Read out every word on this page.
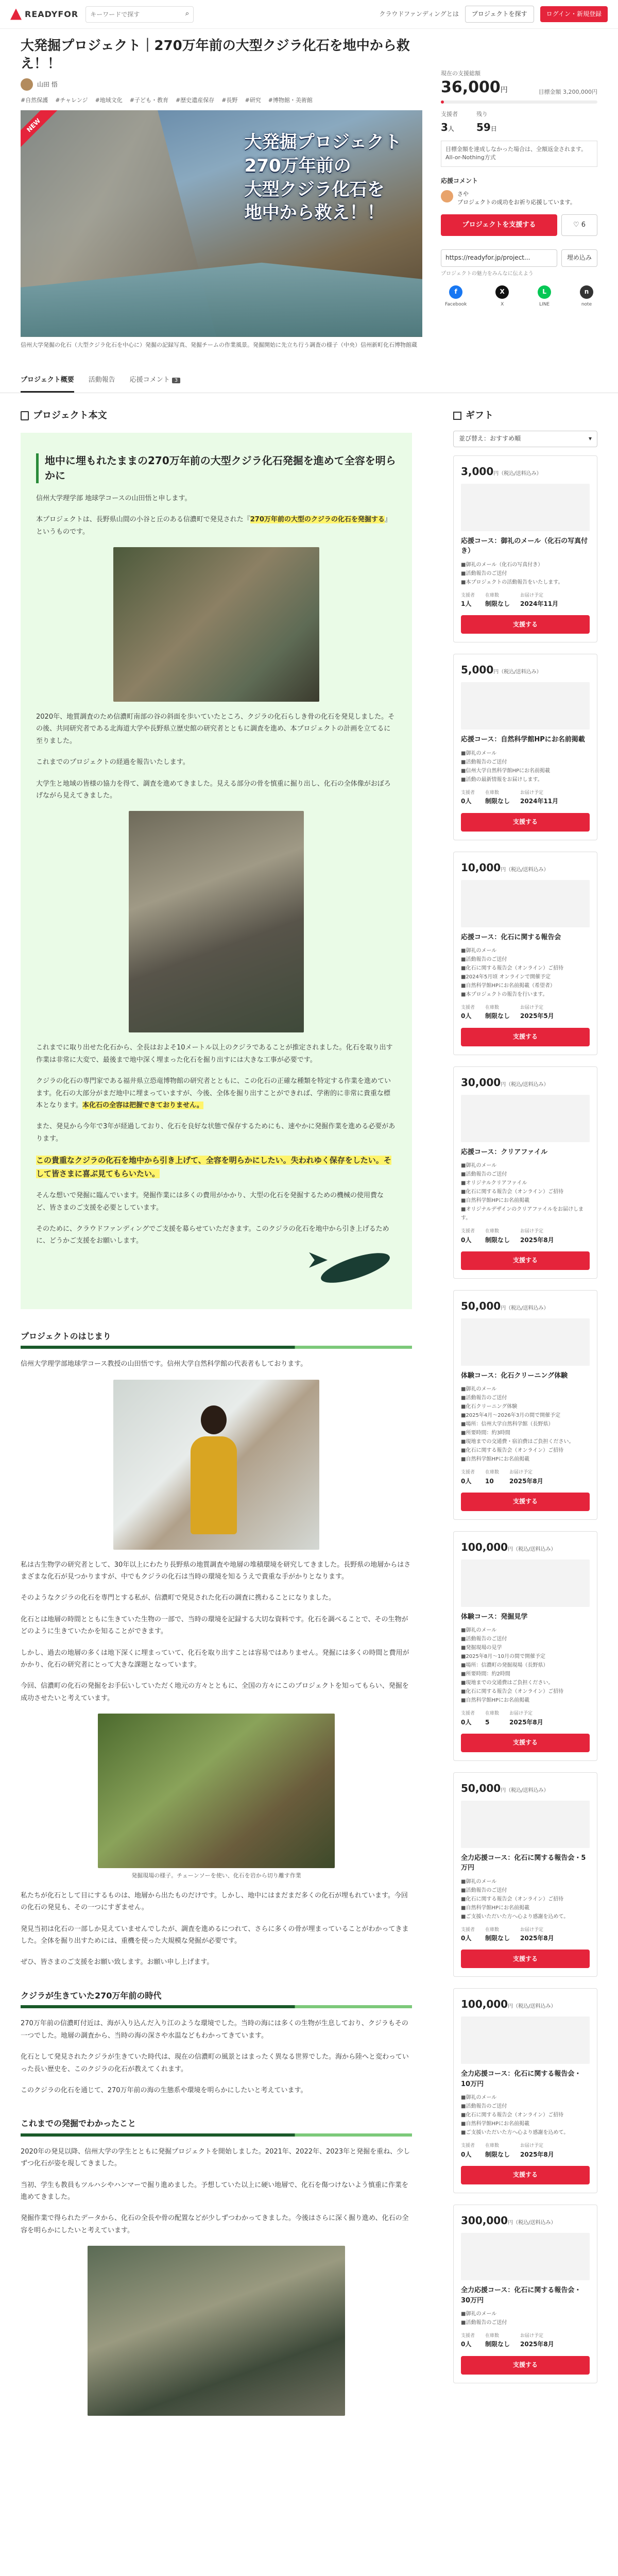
READYFOR
キーワードで探す	⌕	クラウドファンディングとは	プロジェクトを探す	ログイン・新規登録
大発掘プロジェクト｜270万年前の大型クジラ化石を地中から救え！！
山田 悟
#自然保護 #チャレンジ #地域文化 #子ども・教育 #歴史遺産保存 #長野 #研究 #博物館・美術館
NEW
大発掘プロジェクト
270万年前の
大型クジラ化石を
地中から救え！！
信州大学発掘の化石（大型クジラ化石を中心に）発掘の記録写真、発掘チームの作業風景。発掘開始に先立ち行う調査の様子（中央）信州新町化石博物館蔵
現在の支援総額
36,000円	目標金額 3,200,000円
支援者
3人
残り
59日
目標金額を達成しなかった場合は、全額返金されます。All-or-Nothing方式
応援コメント
さや
プロジェクトの成功をお祈り応援しています。
プロジェクトを支援する	♡ 6
https://readyfor.jp/project...	埋め込み
プロジェクトの魅力をみんなに伝えよう
f
Facebook
X
X
L
LINE
n
note
プロジェクト概要 活動報告 応援コメント 3
プロジェクト本文
地中に埋もれたままの270万年前の大型クジラ化石発掘を進めて全容を明らかに

信州大学理学部 地球学コースの山田悟と申します。

本プロジェクトは、長野県山間の小谷と丘のある信濃町で発見された『270万年前の大型のクジラの化石を発掘する』というものです。

2020年、地質調査のため信濃町南部の谷の斜面を歩いていたところ、クジラの化石らしき骨の化石を発見しました。その後、共同研究者である北海道大学や長野県立歴史館の研究者とともに調査を進め、本プロジェクトの計画を立てるに至りました。

これまでのプロジェクトの経過を報告いたします。

大学生と地域の皆様の協力を得て、調査を進めてきました。見える部分の骨を慎重に掘り出し、化石の全体像がおぼろげながら見えてきました。

これまでに取り出せた化石から、全長はおよそ10メートル以上のクジラであることが推定されました。化石を取り出す作業は非常に大変で、最後まで地中深く埋まった化石を掘り出すには大きな工事が必要です。

クジラの化石の専門家である福井県立恐竜博物館の研究者とともに、この化石の正確な種類を特定する作業を進めています。化石の大部分がまだ地中に埋まっていますが、今後、全体を掘り出すことができれば、学術的に非常に貴重な標本となります。本化石の全容は把握できておりません。

また、発見から今年で3年が経過しており、化石を良好な状態で保存するためにも、速やかに発掘作業を進める必要があります。

この貴重なクジラの化石を地中から引き上げて、全容を明らかにしたい。失われゆく保存をしたい。そして皆さまに喜ぶ見てもらいたい。

そんな想いで発掘に臨んでいます。発掘作業には多くの費用がかかり、大型の化石を発掘するための機械の使用費など、皆さまのご支援を必要としています。

そのために、クラウドファンディングでご支援を募らせていただきます。このクジラの化石を地中から引き上げるために、どうかご支援をお願いします。

プロジェクトのはじまり

信州大学理学部地球学コース教授の山田悟です。信州大学自然科学館の代表者もしております。

私は古生物学の研究者として、30年以上にわたり長野県の地質調査や地層の堆積環境を研究してきました。長野県の地層からはさまざまな化石が見つかりますが、中でもクジラの化石は当時の環境を知るうえで貴重な手がかりとなります。

そのようなクジラの化石を専門とする私が、信濃町で発見された化石の調査に携わることになりました。

化石とは地層の時間とともに生きていた生物の一部で、当時の環境を記録する大切な資料です。化石を調べることで、その生物がどのように生きていたかを知ることができます。

しかし、過去の地層の多くは地下深くに埋まっていて、化石を取り出すことは容易ではありません。発掘には多くの時間と費用がかかり、化石の研究者にとって大きな課題となっています。

今回、信濃町の化石の発掘をお手伝いしていただく地元の方々とともに、全国の方々にこのプロジェクトを知ってもらい、発掘を成功させたいと考えています。

発掘現場の様子。チェーンソーを使い、化石を岩から切り離す作業

私たちが化石として目にするものは、地層から出たものだけです。しかし、地中にはまだまだ多くの化石が埋もれています。今回の化石の発見も、その一つにすぎません。

発見当初は化石の一部しか見えていませんでしたが、調査を進めるにつれて、さらに多くの骨が埋まっていることがわかってきました。全体を掘り出すためには、重機を使った大規模な発掘が必要です。

ぜひ、皆さまのご支援をお願い致します。お願い申し上げます。

クジラが生きていた270万年前の時代

270万年前の信濃町付近は、海が入り込んだ入り江のような環境でした。当時の海には多くの生物が生息しており、クジラもその一つでした。地層の調査から、当時の海の深さや水温などもわかってきています。

化石として発見されたクジラが生きていた時代は、現在の信濃町の風景とはまったく異なる世界でした。海から陸へと変わっていった長い歴史を、このクジラの化石が教えてくれます。

このクジラの化石を通じて、270万年前の海の生態系や環境を明らかにしたいと考えています。

これまでの発掘でわかったこと

2020年の発見以降、信州大学の学生とともに発掘プロジェクトを開始しました。2021年、2022年、2023年と発掘を重ね、少しずつ化石が姿を現してきました。

当初、学生も教員もツルハシやハンマーで掘り進めました。予想していた以上に硬い地層で、化石を傷つけないよう慎重に作業を進めてきました。

発掘作業で得られたデータから、化石の全長や骨の配置などが少しずつわかってきました。今後はさらに深く掘り進め、化石の全容を明らかにしたいと考えています。

ギフト
並び替え：おすすめ順	▾
3,000円（税込/送料込み）
応援コース：御礼のメール（化石の写真付き）
■御礼のメール（化石の写真付き）
■活動報告のご送付
■本プロジェクトの活動報告をいたします。
支援者
1人
在庫数
制限なし
お届け予定
2024年11月
支援する
5,000円（税込/送料込み）
応援コース：自然科学館HPにお名前掲載
■御礼のメール
■活動報告のご送付
■信州大学自然科学館HPにお名前掲載
■活動の最新情報をお届けします。
支援者
0人
在庫数
制限なし
お届け予定
2024年11月
支援する
10,000円（税込/送料込み）
応援コース：化石に関する報告会
■御礼のメール
■活動報告のご送付
■化石に関する報告会（オンライン）ご招待
■2024年5月頃 オンラインで開催予定
■自然科学館HPにお名前掲載（希望者）
■本プロジェクトの報告を行います。
支援者
0人
在庫数
制限なし
お届け予定
2025年5月
支援する
30,000円（税込/送料込み）
応援コース：クリアファイル
■御礼のメール
■活動報告のご送付
■オリジナルクリアファイル
■化石に関する報告会（オンライン）ご招待
■自然科学館HPにお名前掲載
■オリジナルデザインのクリアファイルをお届けします。
支援者
0人
在庫数
制限なし
お届け予定
2025年8月
支援する
50,000円（税込/送料込み）
体験コース：化石クリーニング体験
■御礼のメール
■活動報告のご送付
■化石クリーニング体験
■2025年4月～2026年3月の間で開催予定
■場所：信州大学自然科学館（長野県）
■所要時間：約3時間
■現地までの交通費・宿泊費はご負担ください。
■化石に関する報告会（オンライン）ご招待
■自然科学館HPにお名前掲載
支援者
0人
在庫数
10
お届け予定
2025年8月
支援する
100,000円（税込/送料込み）
体験コース：発掘見学
■御礼のメール
■活動報告のご送付
■発掘現場の見学
■2025年8月～10月の間で開催予定
■場所：信濃町の発掘現場（長野県）
■所要時間：約2時間
■現地までの交通費はご負担ください。
■化石に関する報告会（オンライン）ご招待
■自然科学館HPにお名前掲載
支援者
0人
在庫数
5
お届け予定
2025年8月
支援する
50,000円（税込/送料込み）
全力応援コース：化石に関する報告会・5万円
■御礼のメール
■活動報告のご送付
■化石に関する報告会（オンライン）ご招待
■自然科学館HPにお名前掲載
■ご支援いただいた方へ心より感謝を込めて。
支援者
0人
在庫数
制限なし
お届け予定
2025年8月
支援する
100,000円（税込/送料込み）
全力応援コース：化石に関する報告会・10万円
■御礼のメール
■活動報告のご送付
■化石に関する報告会（オンライン）ご招待
■自然科学館HPにお名前掲載
■ご支援いただいた方へ心より感謝を込めて。
支援者
0人
在庫数
制限なし
お届け予定
2025年8月
支援する
300,000円（税込/送料込み）
全力応援コース：化石に関する報告会・30万円
■御礼のメール
■活動報告のご送付
支援者
0人
在庫数
制限なし
お届け予定
2025年8月
支援する
